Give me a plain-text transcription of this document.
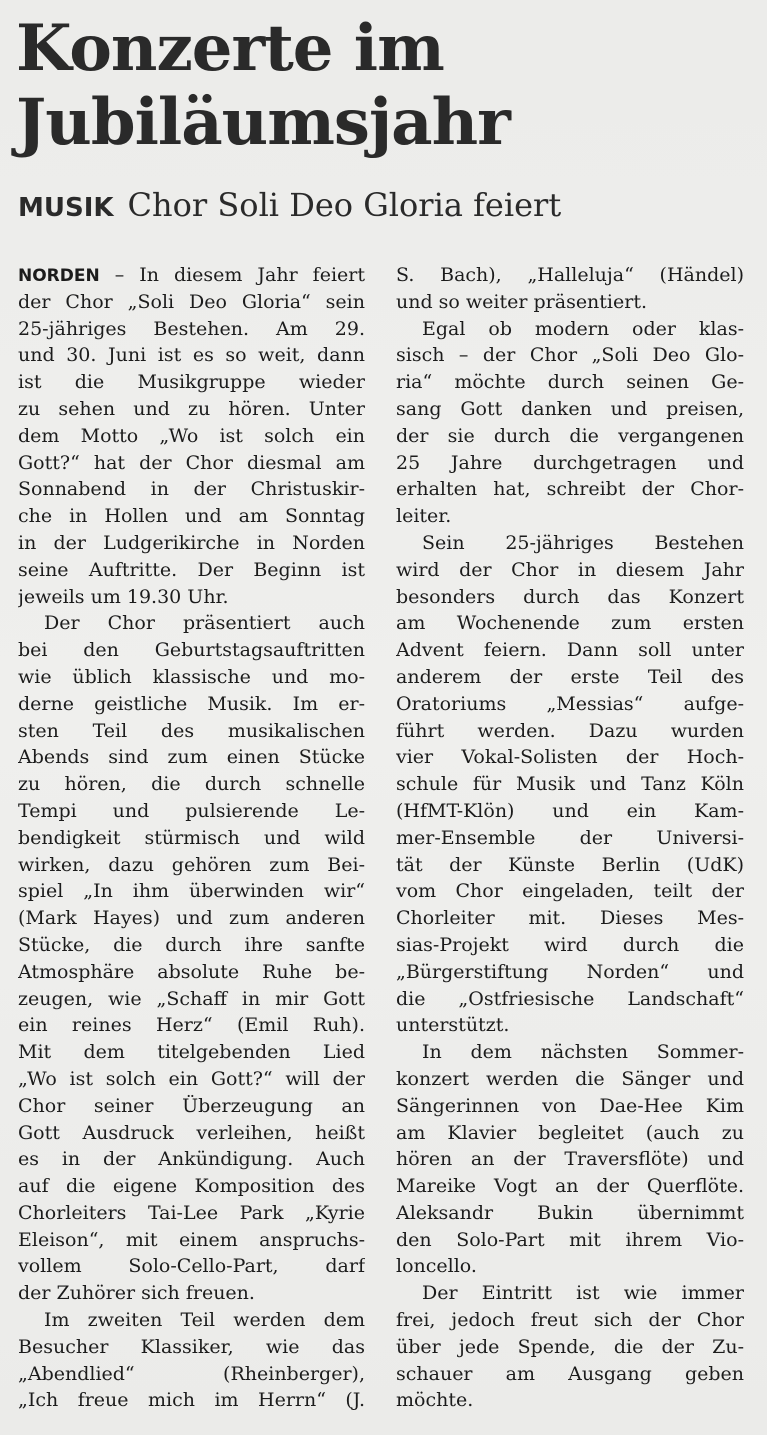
Konzerte im
Jubiläumsjahr
MUSIK Chor Soli Deo Gloria feiert
NORDEN – In diesem Jahr feiert
der Chor „Soli Deo Gloria“ sein
25-jähriges Bestehen. Am 29.
und 30. Juni ist es so weit, dann
ist die Musikgruppe wieder
zu sehen und zu hören. Unter
dem Motto „Wo ist solch ein
Gott?“ hat der Chor diesmal am
Sonnabend in der Christuskir-
che in Hollen und am Sonntag
in der Ludgerikirche in Norden
seine Auftritte. Der Beginn ist
jeweils um 19.30 Uhr.
Der Chor präsentiert auch
bei den Geburtstagsauftritten
wie üblich klassische und mo-
derne geistliche Musik. Im er-
sten Teil des musikalischen
Abends sind zum einen Stücke
zu hören, die durch schnelle
Tempi und pulsierende Le-
bendigkeit stürmisch und wild
wirken, dazu gehören zum Bei-
spiel „In ihm überwinden wir“
(Mark Hayes) und zum anderen
Stücke, die durch ihre sanfte
Atmosphäre absolute Ruhe be-
zeugen, wie „Schaff in mir Gott
ein reines Herz“ (Emil Ruh).
Mit dem titelgebenden Lied
„Wo ist solch ein Gott?“ will der
Chor seiner Überzeugung an
Gott Ausdruck verleihen, heißt
es in der Ankündigung. Auch
auf die eigene Komposition des
Chorleiters Tai-Lee Park „Kyrie
Eleison“, mit einem anspruchs-
vollem Solo-Cello-Part, darf
der Zuhörer sich freuen.
Im zweiten Teil werden dem
Besucher Klassiker, wie das
„Abendlied“ (Rheinberger),
„Ich freue mich im Herrn“ (J.
S. Bach), „Halleluja“ (Händel)
und so weiter präsentiert.
Egal ob modern oder klas-
sisch – der Chor „Soli Deo Glo-
ria“ möchte durch seinen Ge-
sang Gott danken und preisen,
der sie durch die vergangenen
25 Jahre durchgetragen und
erhalten hat, schreibt der Chor-
leiter.
Sein 25-jähriges Bestehen
wird der Chor in diesem Jahr
besonders durch das Konzert
am Wochenende zum ersten
Advent feiern. Dann soll unter
anderem der erste Teil des
Oratoriums „Messias“ aufge-
führt werden. Dazu wurden
vier Vokal-Solisten der Hoch-
schule für Musik und Tanz Köln
(HfMT-Klön) und ein Kam-
mer-Ensemble der Universi-
tät der Künste Berlin (UdK)
vom Chor eingeladen, teilt der
Chorleiter mit. Dieses Mes-
sias-Projekt wird durch die
„Bürgerstiftung Norden“ und
die „Ostfriesische Landschaft“
unterstützt.
In dem nächsten Sommer-
konzert werden die Sänger und
Sängerinnen von Dae-Hee Kim
am Klavier begleitet (auch zu
hören an der Traversflöte) und
Mareike Vogt an der Querflöte.
Aleksandr Bukin übernimmt
den Solo-Part mit ihrem Vio-
loncello.
Der Eintritt ist wie immer
frei, jedoch freut sich der Chor
über jede Spende, die der Zu-
schauer am Ausgang geben
möchte.
